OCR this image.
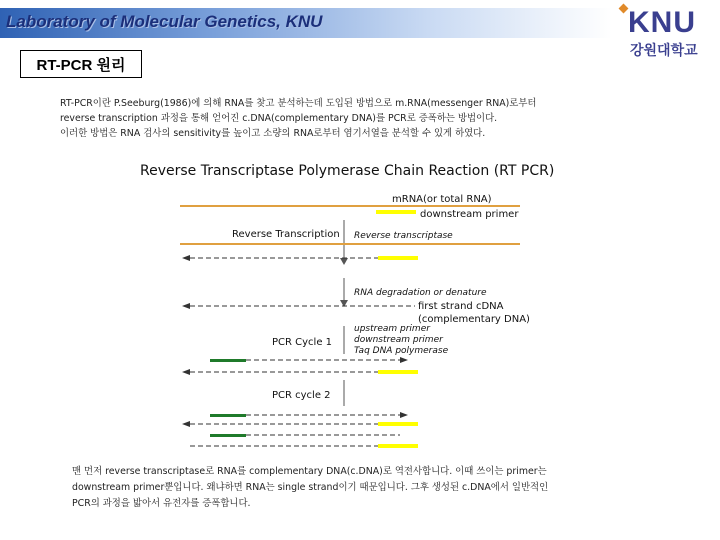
Laboratory of Molecular Genetics, KNU	KNU
강원대학교
RT-PCR 원리
RT-PCR이란 P.Seeburg(1986)에 의해 RNA를 찾고 분석하는데 도입된 방법으로 m.RNA(messenger RNA)로부터
reverse transcription 과정을 통해 얻어진 c.DNA(complementary DNA)를 PCR로 증폭하는 방법이다.
이러한 방법은 RNA 검사의 sensitivity를 높이고 소량의 RNA로부터 염기서열을 분석할 수 있게 하였다.
Reverse Transcriptase Polymerase Chain Reaction (RT PCR)
mRNA(or total RNA)
downstream primer
Reverse Transcription Reverse transcriptase
RNA degradation or denature
first strand cDNA
(complementary DNA)
upstream primer
downstream primer
Taq DNA polymerase
PCR Cycle 1
PCR cycle 2
맨 먼저 reverse transcriptase로 RNA를 complementary DNA(c.DNA)로 역전사합니다. 이때 쓰이는 primer는
downstream primer뿐입니다. 왜냐하면 RNA는 single strand이기 때문입니다. 그후 생성된 c.DNA에서 일반적인
PCR의 과정을 밟아서 유전자를 증폭합니다.
